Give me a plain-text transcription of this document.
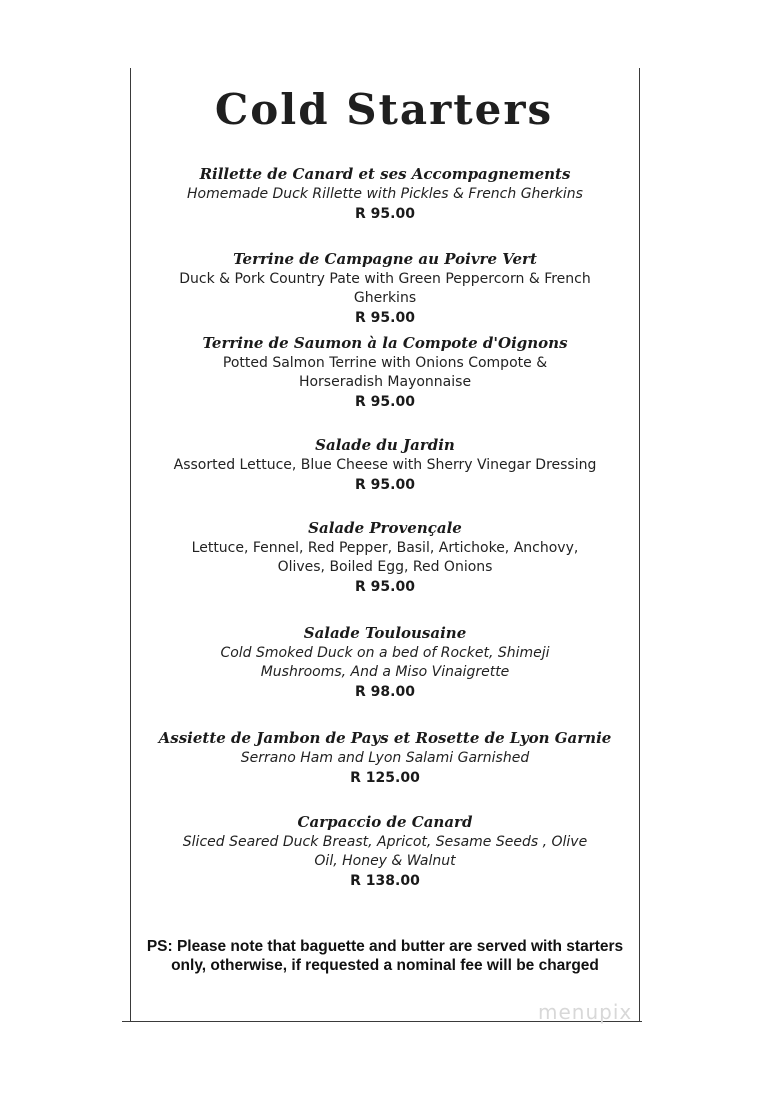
Cold Starters
Rillette de Canard et ses Accompagnements
Homemade Duck Rillette with Pickles & French Gherkins
R 95.00
Terrine de Campagne au Poivre Vert
Duck & Pork Country Pate with Green Peppercorn & French Gherkins
R 95.00
Terrine de Saumon à la Compote d'Oignons
Potted Salmon Terrine with Onions Compote & Horseradish Mayonnaise
R 95.00
Salade du Jardin
Assorted Lettuce, Blue Cheese with Sherry Vinegar Dressing
R 95.00
Salade Provençale
Lettuce, Fennel, Red Pepper, Basil, Artichoke, Anchovy, Olives, Boiled Egg, Red Onions
R 95.00
Salade Toulousaine
Cold Smoked Duck on a bed of Rocket, Shimeji Mushrooms, And a Miso Vinaigrette
R 98.00
Assiette de Jambon de Pays et Rosette de Lyon Garnie
Serrano Ham and Lyon Salami Garnished
R 125.00
Carpaccio de Canard
Sliced Seared Duck Breast, Apricot, Sesame Seeds , Olive Oil, Honey & Walnut
R 138.00
PS: Please note that baguette and butter are served with starters only, otherwise, if requested a nominal fee will be charged
menupix
